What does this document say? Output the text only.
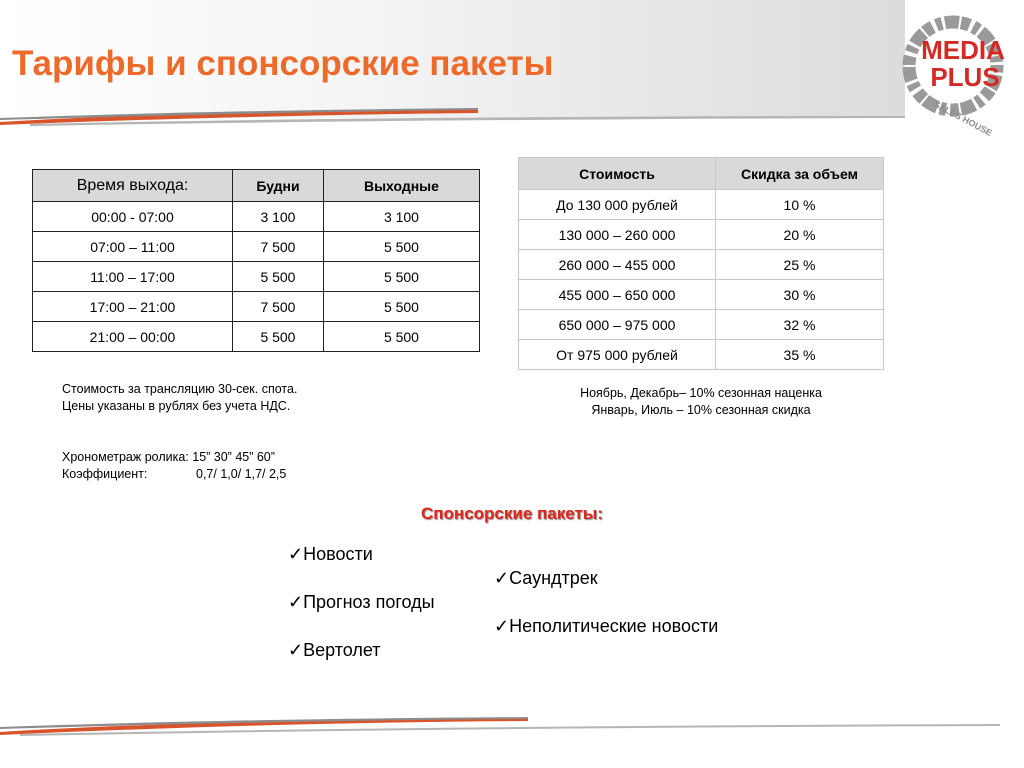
Тарифы и спонсорские пакеты	MEDIA
PLUS
SALES HOUSE
Время выхода:	Будни	Выходные
00:00 - 07:00	3 100	3 100
07:00 – 11:00	7 500	5 500
11:00 – 17:00	5 500	5 500
17:00 – 21:00	7 500	5 500
21:00 – 00:00	5 500	5 500
Стоимость	Скидка за объем
До 130 000 рублей	10 %
130 000 – 260 000	20 %
260 000 – 455 000	25 %
455 000 – 650 000	30 %
650 000 – 975 000	32 %
От 975 000 рублей	35 %
Стоимость за трансляцию 30-сек. спота.
Цены указаны в рублях без учета НДС.
Хронометраж ролика: 15” 30” 45” 60”
Коэффициент:	0,7/ 1,0/ 1,7/ 2,5
Ноябрь, Декабрь– 10% сезонная наценка
Январь, Июль – 10% сезонная скидка
Спонсорские пакеты:
✓Новости
✓Саундтрек
✓Прогноз погоды
✓Неполитические новости
✓Вертолет
